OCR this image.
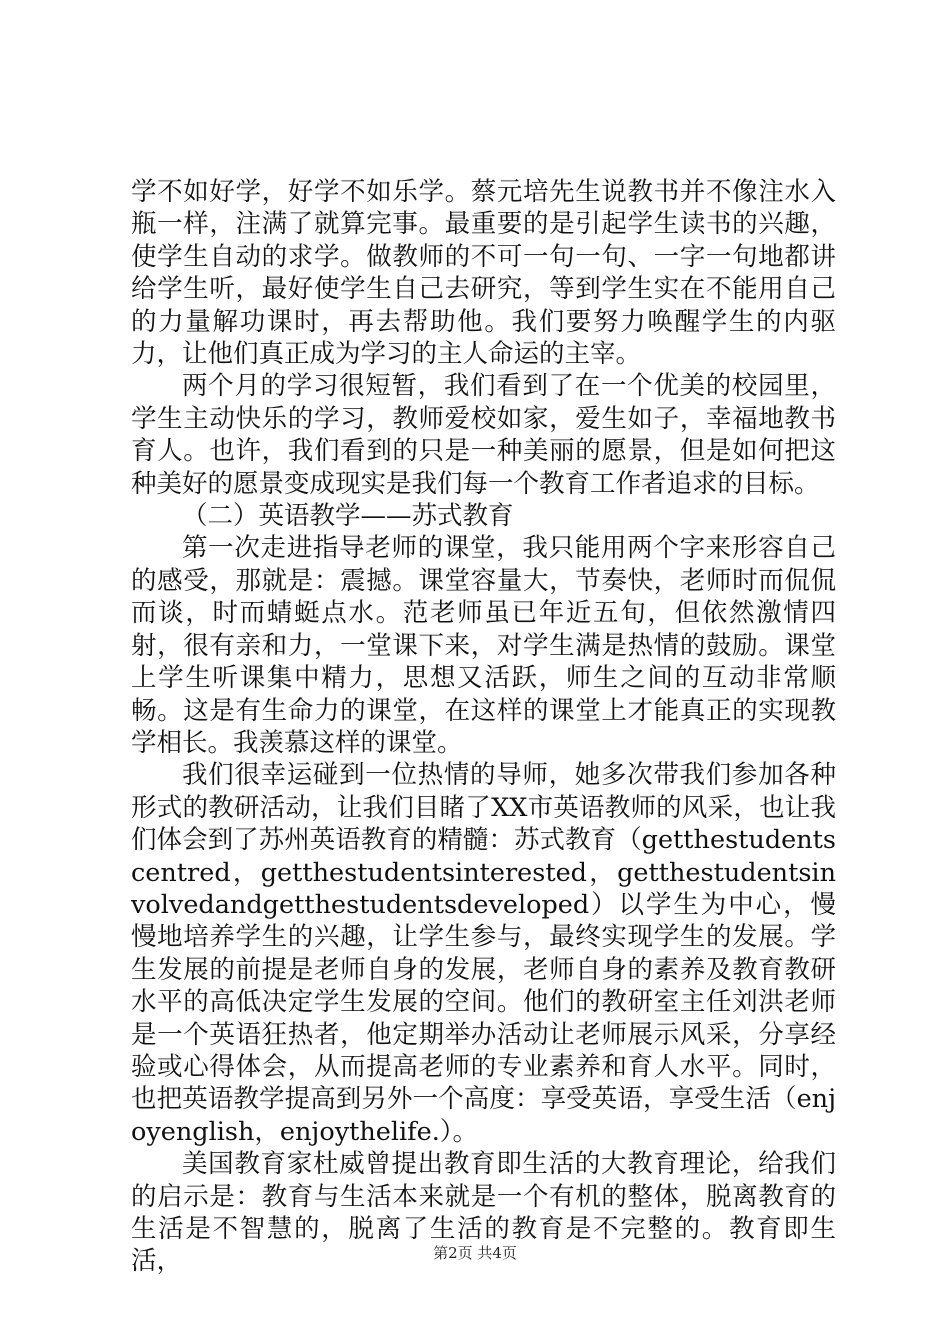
学不如好学，好学不如乐学。蔡元培先生说教书并不像注水入瓶一样，注满了就算完事。最重要的是引起学生读书的兴趣，使学生自动的求学。做教师的不可一句一句、一字一句地都讲给学生听，最好使学生自己去研究，等到学生实在不能用自己的力量解功课时，再去帮助他。我们要努力唤醒学生的内驱力，让他们真正成为学习的主人命运的主宰。

两个月的学习很短暂，我们看到了在一个优美的校园里，学生主动快乐的学习，教师爱校如家，爱生如子，幸福地教书育人。也许，我们看到的只是一种美丽的愿景，但是如何把这种美好的愿景变成现实是我们每一个教育工作者追求的目标。

（二）英语教学——苏式教育

第一次走进指导老师的课堂，我只能用两个字来形容自己的感受，那就是：震撼。课堂容量大，节奏快，老师时而侃侃而谈，时而蜻蜓点水。范老师虽已年近五旬，但依然激情四射，很有亲和力，一堂课下来，对学生满是热情的鼓励。课堂上学生听课集中精力，思想又活跃，师生之间的互动非常顺畅。这是有生命力的课堂，在这样的课堂上才能真正的实现教学相长。我羡慕这样的课堂。

我们很幸运碰到一位热情的导师，她多次带我们参加各种形式的教研活动，让我们目睹了XX市英语教师的风采，也让我们体会到了苏州英语教育的精髓：苏式教育（getthestudentscentred，getthestudentsinterested，getthestudentsinvolvedandgetthestudentsdeveloped）以学生为中心，慢慢地培养学生的兴趣，让学生参与，最终实现学生的发展。学生发展的前提是老师自身的发展，老师自身的素养及教育教研水平的高低决定学生发展的空间。他们的教研室主任刘洪老师是一个英语狂热者，他定期举办活动让老师展示风采，分享经验或心得体会，从而提高老师的专业素养和育人水平。同时，也把英语教学提高到另外一个高度：享受英语，享受生活（enjoyenglish，enjoythelife.）。

美国教育家杜威曾提出教育即生活的大教育理论，给我们的启示是：教育与生活本来就是一个有机的整体，脱离教育的生活是不智慧的，脱离了生活的教育是不完整的。教育即生活，	第2页 共4页
